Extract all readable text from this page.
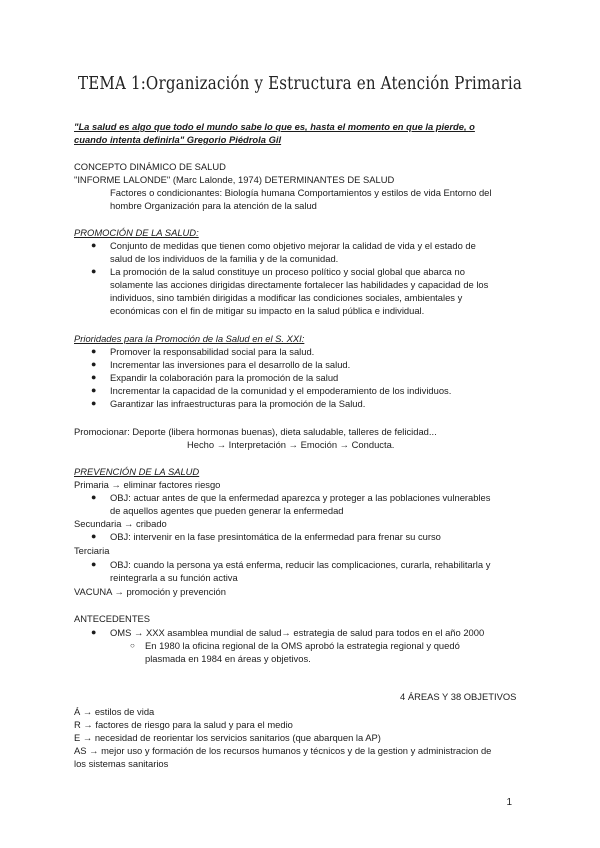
TEMA 1:Organización y Estructura en Atención Primaria
"La salud es algo que todo el mundo sabe lo que es, hasta el momento en que la pierde, o
cuando intenta definirla" Gregorio Piédrola Gil
CONCEPTO DINÁMICO DE SALUD
"INFORME LALONDE" (Marc Lalonde, 1974) DETERMINANTES DE SALUD
Factores o condicionantes: Biología humana Comportamientos y estilos de vida Entorno del
hombre Organización para la atención de la salud
PROMOCIÓN DE LA SALUD:
● Conjunto de medidas que tienen como objetivo mejorar la calidad de vida y el estado de
salud de los individuos de la familia y de la comunidad.
● La promoción de la salud constituye un proceso político y social global que abarca no
solamente las acciones dirigidas directamente fortalecer las habilidades y capacidad de los
individuos, sino también dirigidas a modificar las condiciones sociales, ambientales y
económicas con el fin de mitigar su impacto en la salud pública e individual.
Prioridades para la Promoción de la Salud en el S. XXI:
● Promover la responsabilidad social para la salud.
● Incrementar las inversiones para el desarrollo de la salud.
● Expandir la colaboración para la promoción de la salud
● Incrementar la capacidad de la comunidad y el empoderamiento de los individuos.
● Garantizar las infraestructuras para la promoción de la Salud.
Promocionar: Deporte (libera hormonas buenas), dieta saludable, talleres de felicidad...
Hecho → Interpretación → Emoción → Conducta.
PREVENCIÓN DE LA SALUD
Primaria → eliminar factores riesgo
● OBJ: actuar antes de que la enfermedad aparezca y proteger a las poblaciones vulnerables
de aquellos agentes que pueden generar la enfermedad
Secundaria → cribado
● OBJ: intervenir en la fase presintomática de la enfermedad para frenar su curso
Terciaria
● OBJ: cuando la persona ya está enferma, reducir las complicaciones, curarla, rehabilitarla y
reintegrarla a su función activa
VACUNA → promoción y prevención
ANTECEDENTES
● OMS → XXX asamblea mundial de salud→ estrategia de salud para todos en el año 2000
○ En 1980 la oficina regional de la OMS aprobó la estrategia regional y quedó
plasmada en 1984 en áreas y objetivos.
4 ÁREAS Y 38 OBJETIVOS
Á → estilos de vida
R → factores de riesgo para la salud y para el medio
E → necesidad de reorientar los servicios sanitarios (que abarquen la AP)
AS → mejor uso y formación de los recursos humanos y técnicos y de la gestion y administracion de
los sistemas sanitarios
1
